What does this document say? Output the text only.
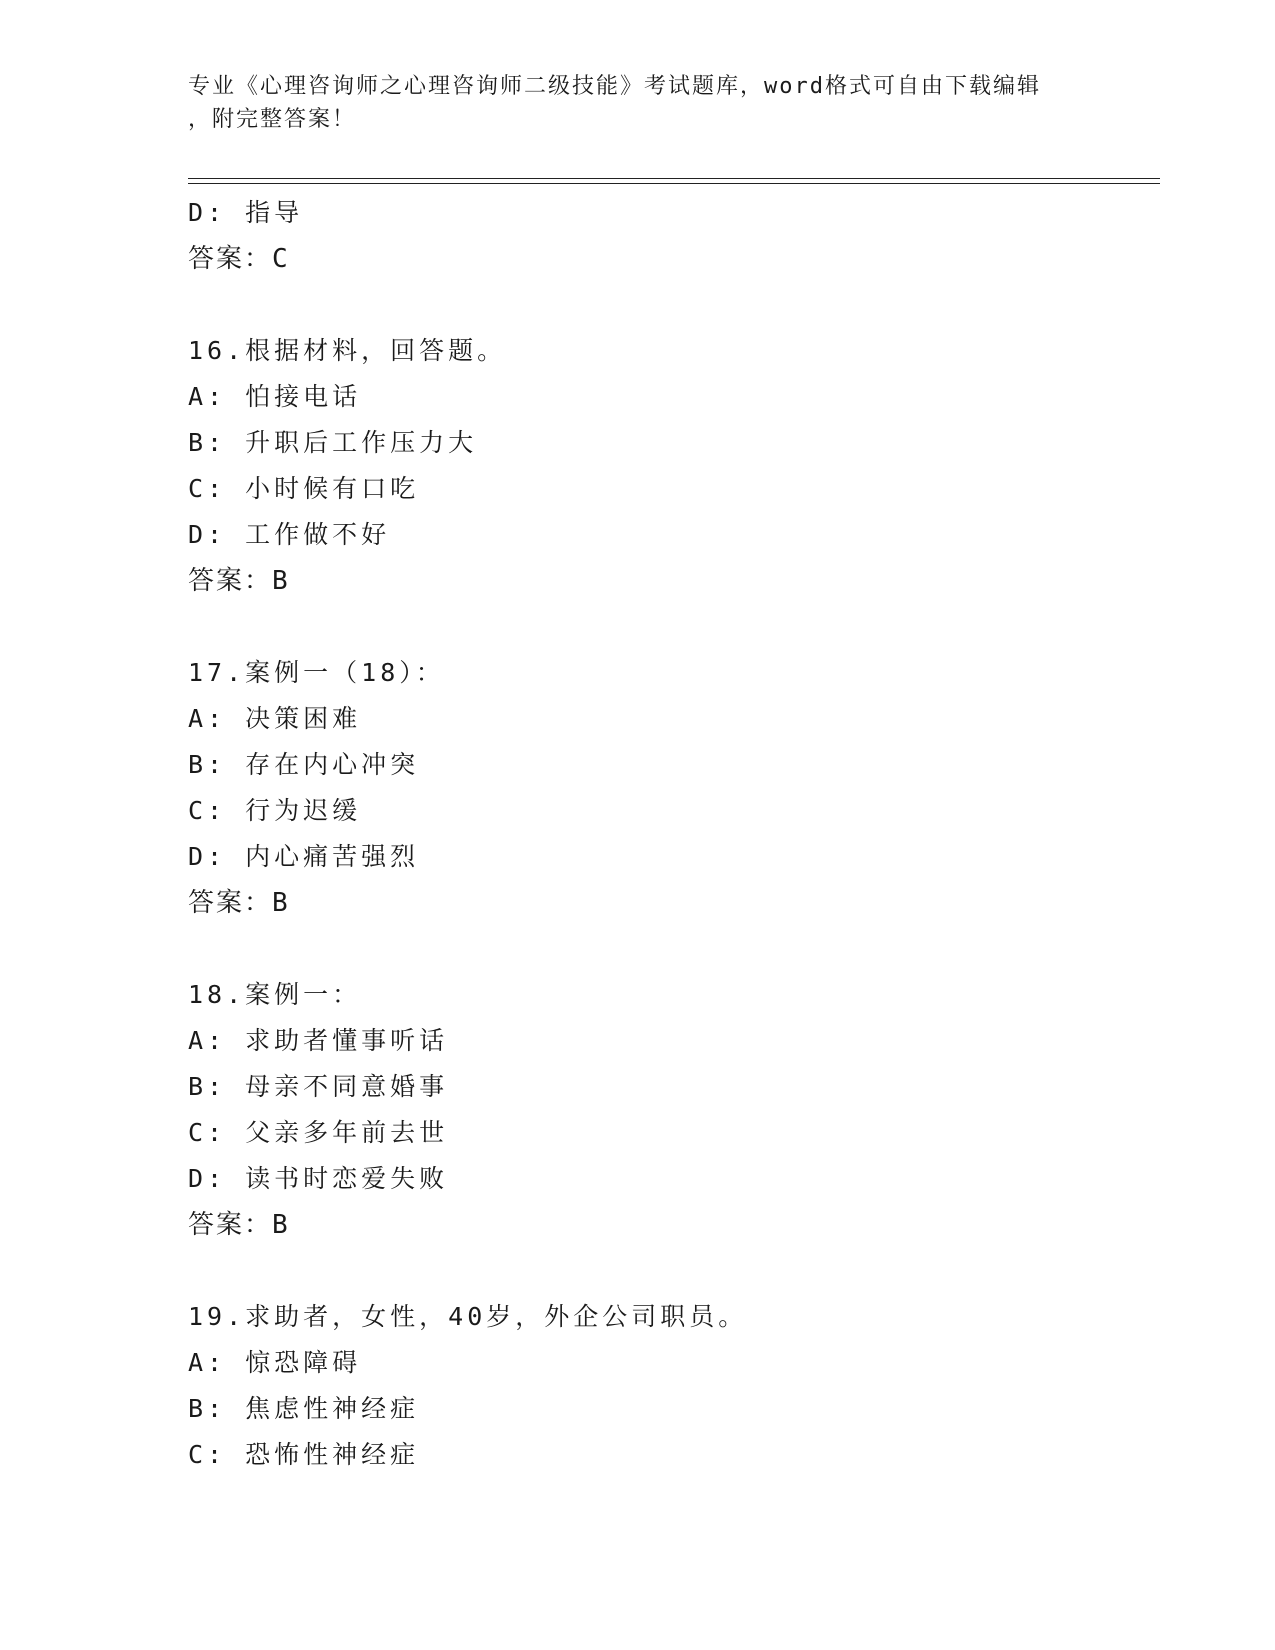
专业《心理咨询师之心理咨询师二级技能》考试题库，word格式可自由下载编辑
，附完整答案！
D: 指导
答案：C
16.根据材料，回答题。
A: 怕接电话
B: 升职后工作压力大
C: 小时候有口吃
D: 工作做不好
答案：B
17.案例一（18）：
A: 决策困难
B: 存在内心冲突
C: 行为迟缓
D: 内心痛苦强烈
答案：B
18.案例一：
A: 求助者懂事听话
B: 母亲不同意婚事
C: 父亲多年前去世
D: 读书时恋爱失败
答案：B
19.求助者，女性，40岁，外企公司职员。
A: 惊恐障碍
B: 焦虑性神经症
C: 恐怖性神经症
